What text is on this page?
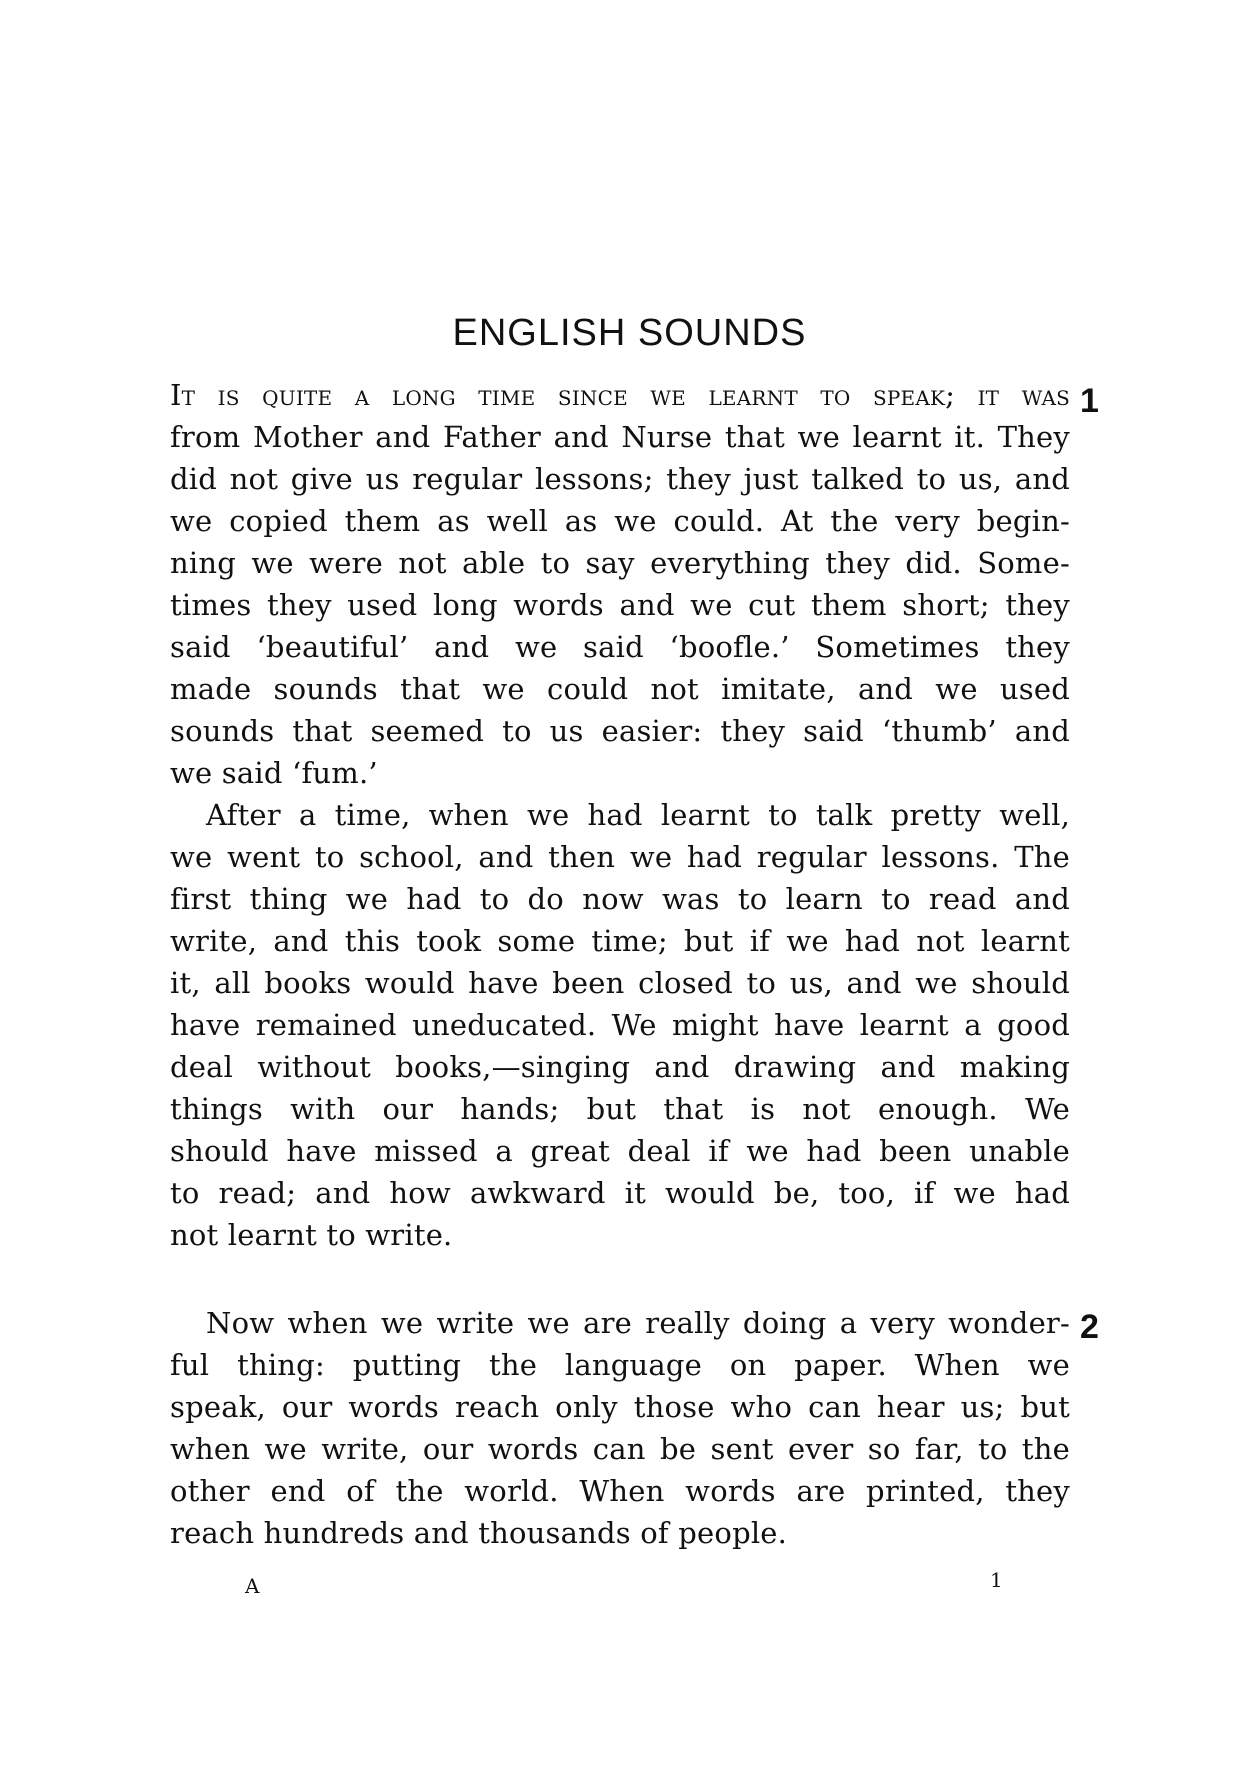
ENGLISH SOUNDS
It is quite a long time since we learnt to speak; it was
from Mother and Father and Nurse that we learnt it. They
did not give us regular lessons; they just talked to us, and
we copied them as well as we could. At the very begin-
ning we were not able to say everything they did. Some-
times they used long words and we cut them short; they
said ‘beautiful’ and we said ‘boofle.’ Sometimes they
made sounds that we could not imitate, and we used
sounds that seemed to us easier: they said ‘thumb’ and
we said ‘fum.’
After a time, when we had learnt to talk pretty well,
we went to school, and then we had regular lessons. The
first thing we had to do now was to learn to read and
write, and this took some time; but if we had not learnt
it, all books would have been closed to us, and we should
have remained uneducated. We might have learnt a good
deal without books,—singing and drawing and making
things with our hands; but that is not enough. We
should have missed a great deal if we had been unable
to read; and how awkward it would be, too, if we had
not learnt to write.
1
Now when we write we are really doing a very wonder-
ful thing: putting the language on paper. When we
speak, our words reach only those who can hear us; but
when we write, our words can be sent ever so far, to the
other end of the world. When words are printed, they
reach hundreds and thousands of people.
2
A	1
